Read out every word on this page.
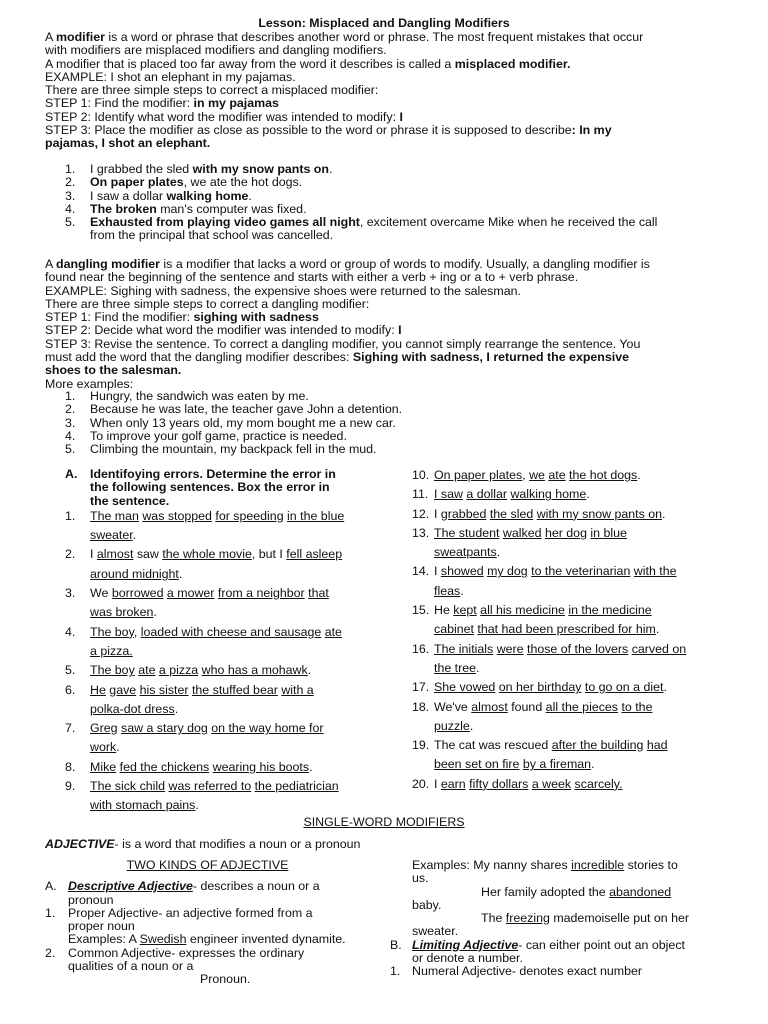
Lesson: Misplaced and Dangling Modifiers
A modifier is a word or phrase that describes another word or phrase. The most frequent mistakes that occur
with modifiers are misplaced modifiers and dangling modifiers.
A modifier that is placed too far away from the word it describes is called a misplaced modifier.
EXAMPLE: I shot an elephant in my pajamas.
There are three simple steps to correct a misplaced modifier:
STEP 1: Find the modifier: in my pajamas
STEP 2: Identify what word the modifier was intended to modify: I
STEP 3: Place the modifier as close as possible to the word or phrase it is supposed to describe: In my
pajamas, I shot an elephant.
1. I grabbed the sled with my snow pants on.
2. On paper plates, we ate the hot dogs.
3. I saw a dollar walking home.
4. The broken man's computer was fixed.
5. Exhausted from playing video games all night, excitement overcame Mike when he received the call
from the principal that school was cancelled.
A dangling modifier is a modifier that lacks a word or group of words to modify. Usually, a dangling modifier is
found near the beginning of the sentence and starts with either a verb + ing or a to + verb phrase.
EXAMPLE: Sighing with sadness, the expensive shoes were returned to the salesman.
There are three simple steps to correct a dangling modifier:
STEP 1: Find the modifier: sighing with sadness
STEP 2: Decide what word the modifier was intended to modify: I
STEP 3: Revise the sentence. To correct a dangling modifier, you cannot simply rearrange the sentence. You
must add the word that the dangling modifier describes: Sighing with sadness, I returned the expensive
shoes to the salesman.
More examples:
1. Hungry, the sandwich was eaten by me.
2. Because he was late, the teacher gave John a detention.
3. When only 13 years old, my mom bought me a new car.
4. To improve your golf game, practice is needed.
5. Climbing the mountain, my backpack fell in the mud.
A. Identifoying errors. Determine the error in
the following sentences. Box the error in
the sentence.
1. The man was stopped for speeding in the blue
sweater.
2. I almost saw the whole movie, but I fell asleep
around midnight.
3. We borrowed a mower from a neighbor that
was broken.
4. The boy, loaded with cheese and sausage ate
a pizza.
5. The boy ate a pizza who has a mohawk.
6. He gave his sister the stuffed bear with a
polka-dot dress.
7. Greg saw a stary dog on the way home for
work.
8. Mike fed the chickens wearing his boots.
9. The sick child was referred to the pediatrician
with stomach pains.
10. On paper plates, we ate the hot dogs.
11. I saw a dollar walking home.
12. I grabbed the sled with my snow pants on.
13. The student walked her dog in blue
sweatpants.
14. I showed my dog to the veterinarian with the
fleas.
15. He kept all his medicine in the medicine
cabinet that had been prescribed for him.
16. The initials were those of the lovers carved on
the tree.
17. She vowed on her birthday to go on a diet.
18. We've almost found all the pieces to the
puzzle.
19. The cat was rescued after the building had
been set on fire by a fireman.
20. I earn fifty dollars a week scarcely.
SINGLE-WORD MODIFIERS
ADJECTIVE- is a word that modifies a noun or a pronoun
TWO KINDS OF ADJECTIVE
A. Descriptive Adjective- describes a noun or a
pronoun
1. Proper Adjective- an adjective formed from a
proper noun
Examples: A Swedish engineer invented dynamite.
2. Common Adjective- expresses the ordinary
qualities of a noun or a
Pronoun.
Examples: My nanny shares incredible stories to
us.
Her family adopted the abandoned
baby.
The freezing mademoiselle put on her
sweater.
B. Limiting Adjective- can either point out an object
or denote a number.
1. Numeral Adjective- denotes exact number
